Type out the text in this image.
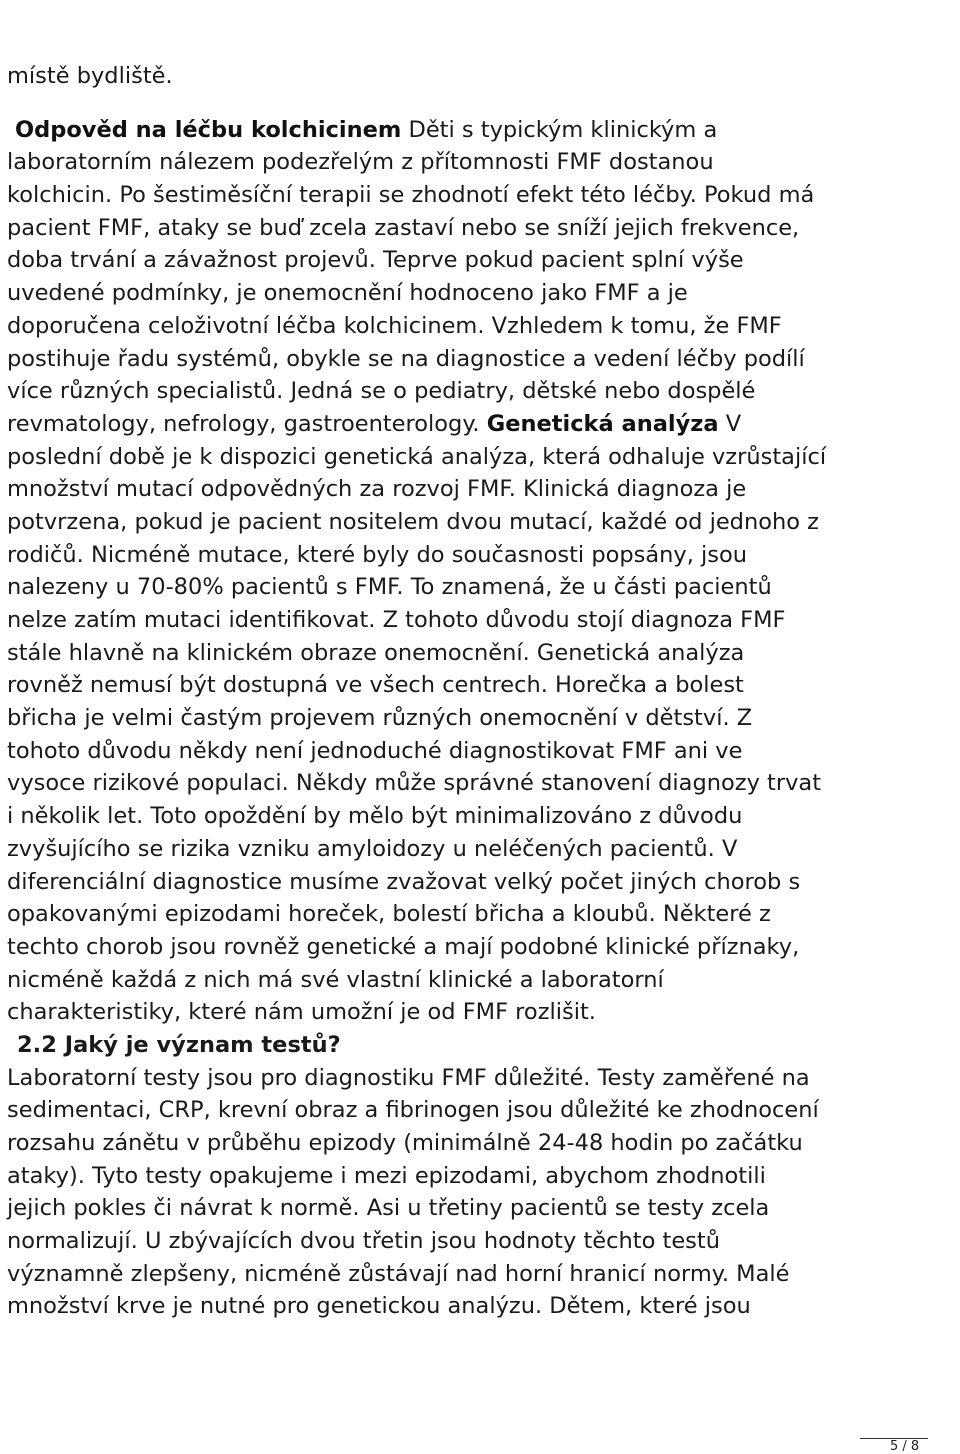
místě bydliště.
Odpověd na léčbu kolchicinem Děti s typickým klinickým a
laboratorním nálezem podezřelým z přítomnosti FMF dostanou
kolchicin. Po šestiměsíční terapii se zhodnotí efekt této léčby. Pokud má
pacient FMF, ataky se buď zcela zastaví nebo se sníží jejich frekvence,
doba trvání a závažnost projevů. Teprve pokud pacient splní výše
uvedené podmínky, je onemocnění hodnoceno jako FMF a je
doporučena celoživotní léčba kolchicinem. Vzhledem k tomu, že FMF
postihuje řadu systémů, obykle se na diagnostice a vedení léčby podílí
více různých specialistů. Jedná se o pediatry, dětské nebo dospělé
revmatology, nefrology, gastroenterology. Genetická analýza V
poslední době je k dispozici genetická analýza, která odhaluje vzrůstající
množství mutací odpovědných za rozvoj FMF. Klinická diagnoza je
potvrzena, pokud je pacient nositelem dvou mutací, každé od jednoho z
rodičů. Nicméně mutace, které byly do současnosti popsány, jsou
nalezeny u 70-80% pacientů s FMF. To znamená, že u části pacientů
nelze zatím mutaci identifikovat. Z tohoto důvodu stojí diagnoza FMF
stále hlavně na klinickém obraze onemocnění. Genetická analýza
rovněž nemusí být dostupná ve všech centrech. Horečka a bolest
břicha je velmi častým projevem různých onemocnění v dětství. Z
tohoto důvodu někdy není jednoduché diagnostikovat FMF ani ve
vysoce rizikové populaci. Někdy může správné stanovení diagnozy trvat
i několik let. Toto opoždění by mělo být minimalizováno z důvodu
zvyšujícího se rizika vzniku amyloidozy u neléčených pacientů. V
diferenciální diagnostice musíme zvažovat velký počet jiných chorob s
opakovanými epizodami horeček, bolestí břicha a kloubů. Některé z
techto chorob jsou rovněž genetické a mají podobné klinické příznaky,
nicméně každá z nich má své vlastní klinické a laboratorní
charakteristiky, které nám umožní je od FMF rozlišit.
2.2 Jaký je význam testů?
Laboratorní testy jsou pro diagnostiku FMF důležité. Testy zaměřené na
sedimentaci, CRP, krevní obraz a fibrinogen jsou důležité ke zhodnocení
rozsahu zánětu v průběhu epizody (minimálně 24-48 hodin po začátku
ataky). Tyto testy opakujeme i mezi epizodami, abychom zhodnotili
jejich pokles či návrat k normě. Asi u třetiny pacientů se testy zcela
normalizují. U zbývajících dvou třetin jsou hodnoty těchto testů
významně zlepšeny, nicméně zůstávají nad horní hranicí normy. Malé
množství krve je nutné pro genetickou analýzu. Dětem, které jsou
5 / 8
